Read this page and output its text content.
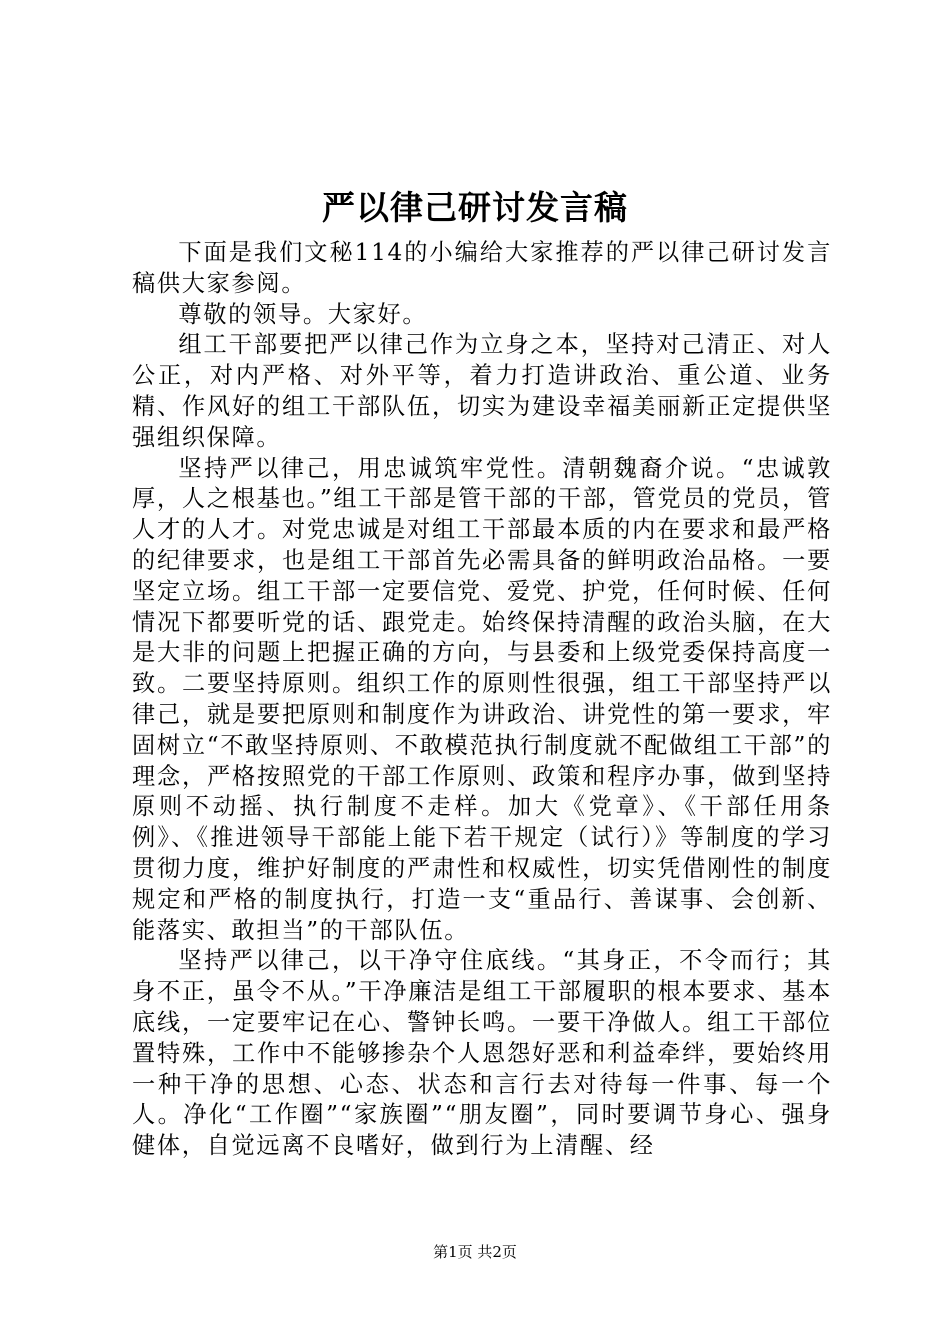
严以律己研讨发言稿

下面是我们文秘114的小编给大家推荐的严以律己研讨发言稿供大家参阅。

尊敬的领导。大家好。

组工干部要把严以律己作为立身之本，坚持对己清正、对人公正，对内严格、对外平等，着力打造讲政治、重公道、业务精、作风好的组工干部队伍，切实为建设幸福美丽新正定提供坚强组织保障。

坚持严以律己，用忠诚筑牢党性。清朝魏裔介说。“忠诚敦厚，人之根基也。”组工干部是管干部的干部，管党员的党员，管人才的人才。对党忠诚是对组工干部最本质的内在要求和最严格的纪律要求，也是组工干部首先必需具备的鲜明政治品格。一要坚定立场。组工干部一定要信党、爱党、护党，任何时候、任何情况下都要听党的话、跟党走。始终保持清醒的政治头脑，在大是大非的问题上把握正确的方向，与县委和上级党委保持高度一致。二要坚持原则。组织工作的原则性很强，组工干部坚持严以律己，就是要把原则和制度作为讲政治、讲党性的第一要求，牢固树立“不敢坚持原则、不敢模范执行制度就不配做组工干部”的理念，严格按照党的干部工作原则、政策和程序办事，做到坚持原则不动摇、执行制度不走样。加大《党章》、《干部任用条例》、《推进领导干部能上能下若干规定（试行）》等制度的学习贯彻力度，维护好制度的严肃性和权威性，切实凭借刚性的制度规定和严格的制度执行，打造一支“重品行、善谋事、会创新、能落实、敢担当”的干部队伍。

坚持严以律己，以干净守住底线。“其身正，不令而行；其身不正，虽令不从。”干净廉洁是组工干部履职的根本要求、基本底线，一定要牢记在心、警钟长鸣。一要干净做人。组工干部位置特殊，工作中不能够掺杂个人恩怨好恶和利益牵绊，要始终用一种干净的思想、心态、状态和言行去对待每一件事、每一个人。净化“工作圈”“家族圈”“朋友圈”，同时要调节身心、强身健体，自觉远离不良嗜好，做到行为上清醒、经

第1页 共2页
